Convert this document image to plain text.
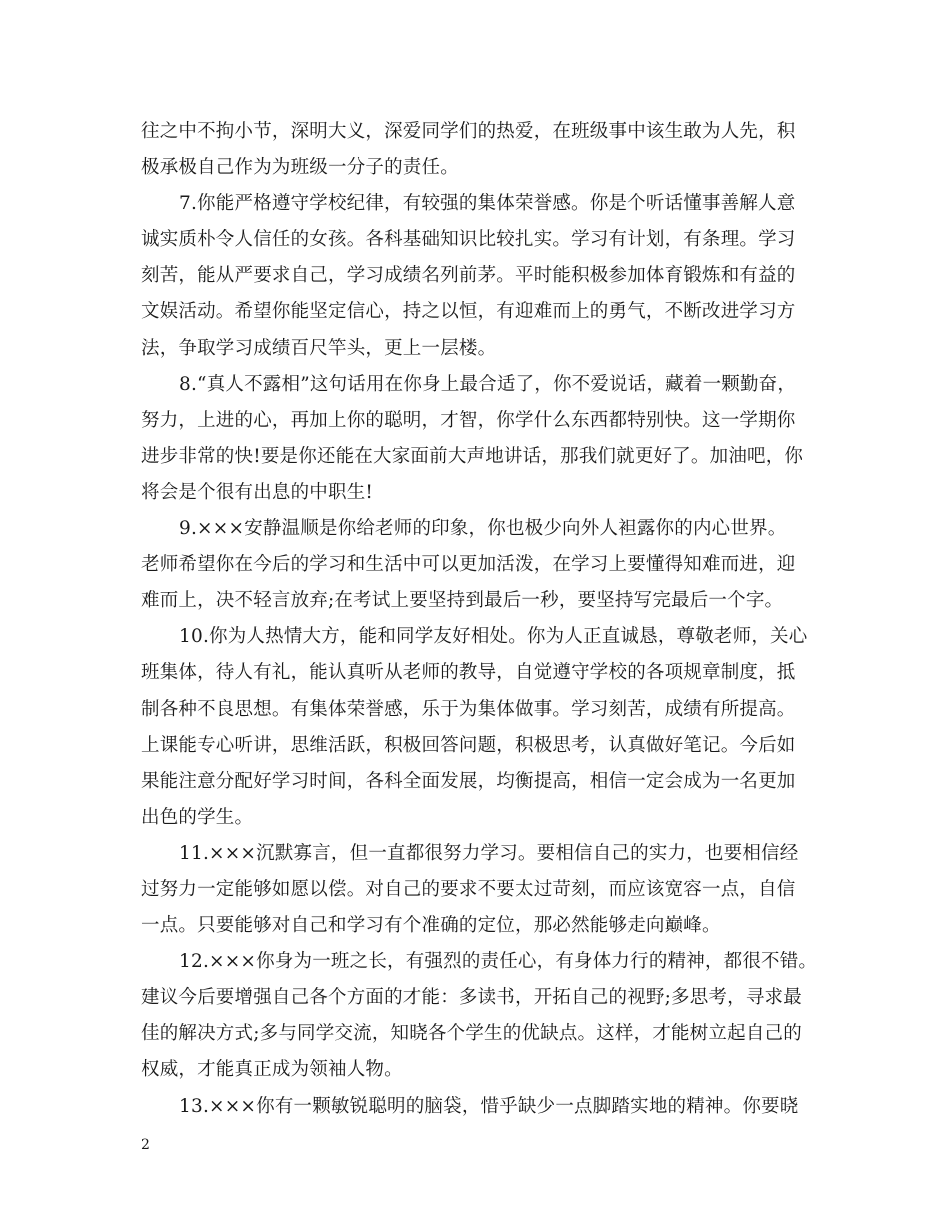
往之中不拘小节，深明大义，深爱同学们的热爱，在班级事中该生敢为人先，积
极承极自己作为为班级一分子的责任。
7.你能严格遵守学校纪律，有较强的集体荣誉感。你是个听话懂事善解人意
诚实质朴令人信任的女孩。各科基础知识比较扎实。学习有计划，有条理。学习
刻苦，能从严要求自己，学习成绩名列前茅。平时能积极参加体育锻炼和有益的
文娱活动。希望你能坚定信心，持之以恒，有迎难而上的勇气，不断改进学习方
法，争取学习成绩百尺竿头，更上一层楼。
8.“真人不露相”这句话用在你身上最合适了，你不爱说话，藏着一颗勤奋，
努力，上进的心，再加上你的聪明，才智，你学什么东西都特别快。这一学期你
进步非常的快!要是你还能在大家面前大声地讲话，那我们就更好了。加油吧，你
将会是个很有出息的中职生!
9.×××安静温顺是你给老师的印象，你也极少向外人袒露你的内心世界。
老师希望你在今后的学习和生活中可以更加活泼，在学习上要懂得知难而进，迎
难而上，决不轻言放弃;在考试上要坚持到最后一秒，要坚持写完最后一个字。
10.你为人热情大方，能和同学友好相处。你为人正直诚恳，尊敬老师，关心
班集体，待人有礼，能认真听从老师的教导，自觉遵守学校的各项规章制度，抵
制各种不良思想。有集体荣誉感，乐于为集体做事。学习刻苦，成绩有所提高。
上课能专心听讲，思维活跃，积极回答问题，积极思考，认真做好笔记。今后如
果能注意分配好学习时间，各科全面发展，均衡提高，相信一定会成为一名更加
出色的学生。
11.×××沉默寡言，但一直都很努力学习。要相信自己的实力，也要相信经
过努力一定能够如愿以偿。对自己的要求不要太过苛刻，而应该宽容一点，自信
一点。只要能够对自己和学习有个准确的定位，那必然能够走向巅峰。
12.×××你身为一班之长，有强烈的责任心，有身体力行的精神，都很不错。
建议今后要增强自己各个方面的才能：多读书，开拓自己的视野;多思考，寻求最
佳的解决方式;多与同学交流，知晓各个学生的优缺点。这样，才能树立起自己的
权威，才能真正成为领袖人物。
13.×××你有一颗敏锐聪明的脑袋，惜乎缺少一点脚踏实地的精神。你要晓
2
